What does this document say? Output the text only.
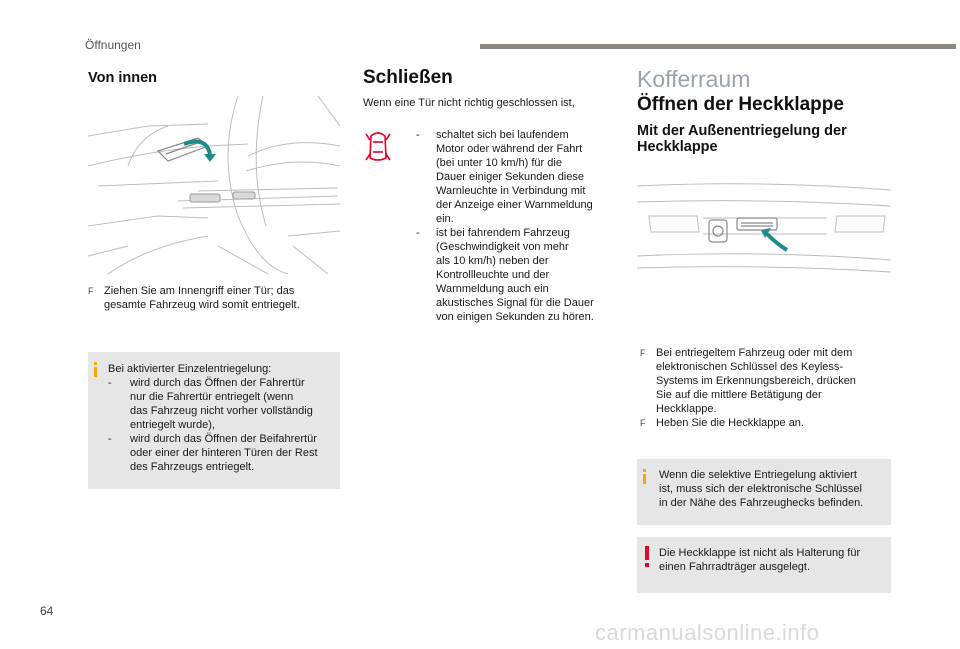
Öffnungen
Von innen
F Ziehen Sie am Innengriff einer Tür; das
gesamte Fahrzeug wird somit entriegelt.
Bei aktivierter Einzelentriegelung:
-	wird durch das Öffnen der Fahrertür
nur die Fahrertür entriegelt (wenn
das Fahrzeug nicht vorher vollständig
entriegelt wurde),
-	wird durch das Öffnen der Beifahrertür
oder einer der hinteren Türen der Rest
des Fahrzeugs entriegelt.
Schließen
Wenn eine Tür nicht richtig geschlossen ist,
-	schaltet sich bei laufendem
Motor oder während der Fahrt
(bei unter 10 km/h) für die
Dauer einiger Sekunden diese
Warnleuchte in Verbindung mit
der Anzeige einer Warnmeldung
ein.
-	ist bei fahrendem Fahrzeug
(Geschwindigkeit von mehr
als 10 km/h) neben der
Kontrollleuchte und der
Warnmeldung auch ein
akustisches Signal für die Dauer
von einigen Sekunden zu hören.
Kofferraum
Öffnen der Heckklappe
Mit der Außenentriegelung der
Heckklappe
F Bei entriegeltem Fahrzeug oder mit dem
elektronischen Schlüssel des Keyless-
Systems im Erkennungsbereich, drücken
Sie auf die mittlere Betätigung der
Heckklappe.
F Heben Sie die Heckklappe an.
Wenn die selektive Entriegelung aktiviert
ist, muss sich der elektronische Schlüssel
in der Nähe des Fahrzeughecks befinden.
Die Heckklappe ist nicht als Halterung für
einen Fahrradträger ausgelegt.
64
carmanualsonline.info
